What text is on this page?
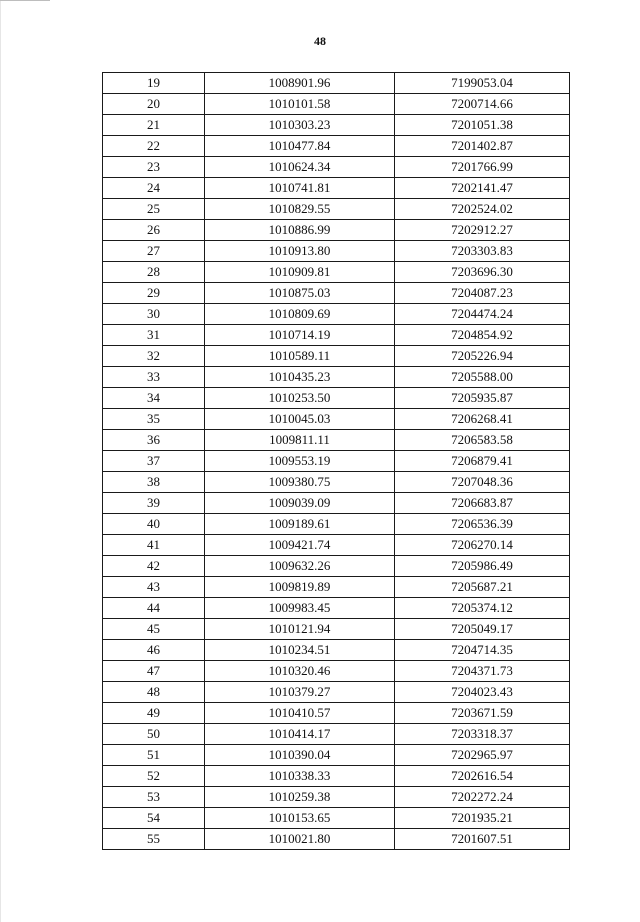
48
19	1008901.96	7199053.04
20	1010101.58	7200714.66
21	1010303.23	7201051.38
22	1010477.84	7201402.87
23	1010624.34	7201766.99
24	1010741.81	7202141.47
25	1010829.55	7202524.02
26	1010886.99	7202912.27
27	1010913.80	7203303.83
28	1010909.81	7203696.30
29	1010875.03	7204087.23
30	1010809.69	7204474.24
31	1010714.19	7204854.92
32	1010589.11	7205226.94
33	1010435.23	7205588.00
34	1010253.50	7205935.87
35	1010045.03	7206268.41
36	1009811.11	7206583.58
37	1009553.19	7206879.41
38	1009380.75	7207048.36
39	1009039.09	7206683.87
40	1009189.61	7206536.39
41	1009421.74	7206270.14
42	1009632.26	7205986.49
43	1009819.89	7205687.21
44	1009983.45	7205374.12
45	1010121.94	7205049.17
46	1010234.51	7204714.35
47	1010320.46	7204371.73
48	1010379.27	7204023.43
49	1010410.57	7203671.59
50	1010414.17	7203318.37
51	1010390.04	7202965.97
52	1010338.33	7202616.54
53	1010259.38	7202272.24
54	1010153.65	7201935.21
55	1010021.80	7201607.51
